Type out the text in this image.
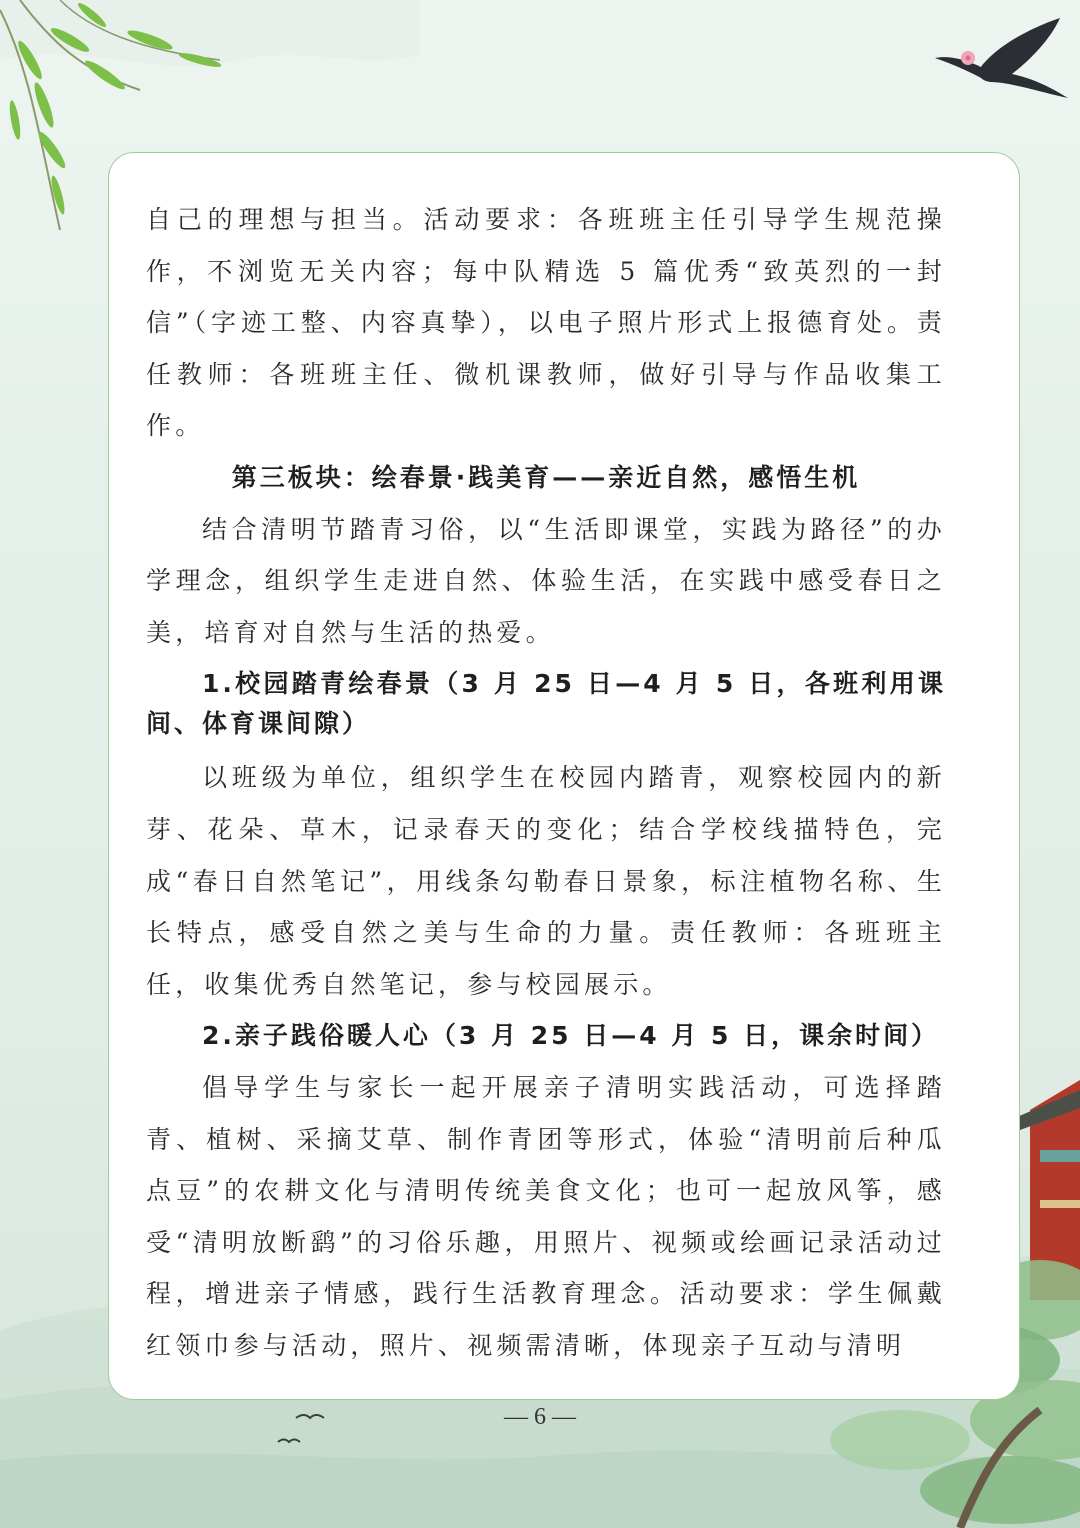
自己的理想与担当。活动要求：各班班主任引导学生规范操作，不浏览无关内容；每中队精选 5 篇优秀“致英烈的一封信”（字迹工整、内容真挚），以电子照片形式上报德育处。责任教师：各班班主任、微机课教师，做好引导与作品收集工作。

第三板块：绘春景·践美育——亲近自然，感悟生机

结合清明节踏青习俗，以“生活即课堂，实践为路径”的办学理念，组织学生走进自然、体验生活，在实践中感受春日之美，培育对自然与生活的热爱。

1.校园踏青绘春景（3 月 25 日—4 月 5 日，各班利用课间、体育课间隙）

以班级为单位，组织学生在校园内踏青，观察校园内的新芽、花朵、草木，记录春天的变化；结合学校线描特色，完成“春日自然笔记”，用线条勾勒春日景象，标注植物名称、生长特点，感受自然之美与生命的力量。责任教师：各班班主任，收集优秀自然笔记，参与校园展示。

2.亲子践俗暖人心（3 月 25 日—4 月 5 日，课余时间）

倡导学生与家长一起开展亲子清明实践活动，可选择踏青、植树、采摘艾草、制作青团等形式，体验“清明前后种瓜点豆”的农耕文化与清明传统美食文化；也可一起放风筝，感受“清明放断鹞”的习俗乐趣，用照片、视频或绘画记录活动过程，增进亲子情感，践行生活教育理念。活动要求：学生佩戴红领巾参与活动，照片、视频需清晰，体现亲子互动与清明

— 6 —
